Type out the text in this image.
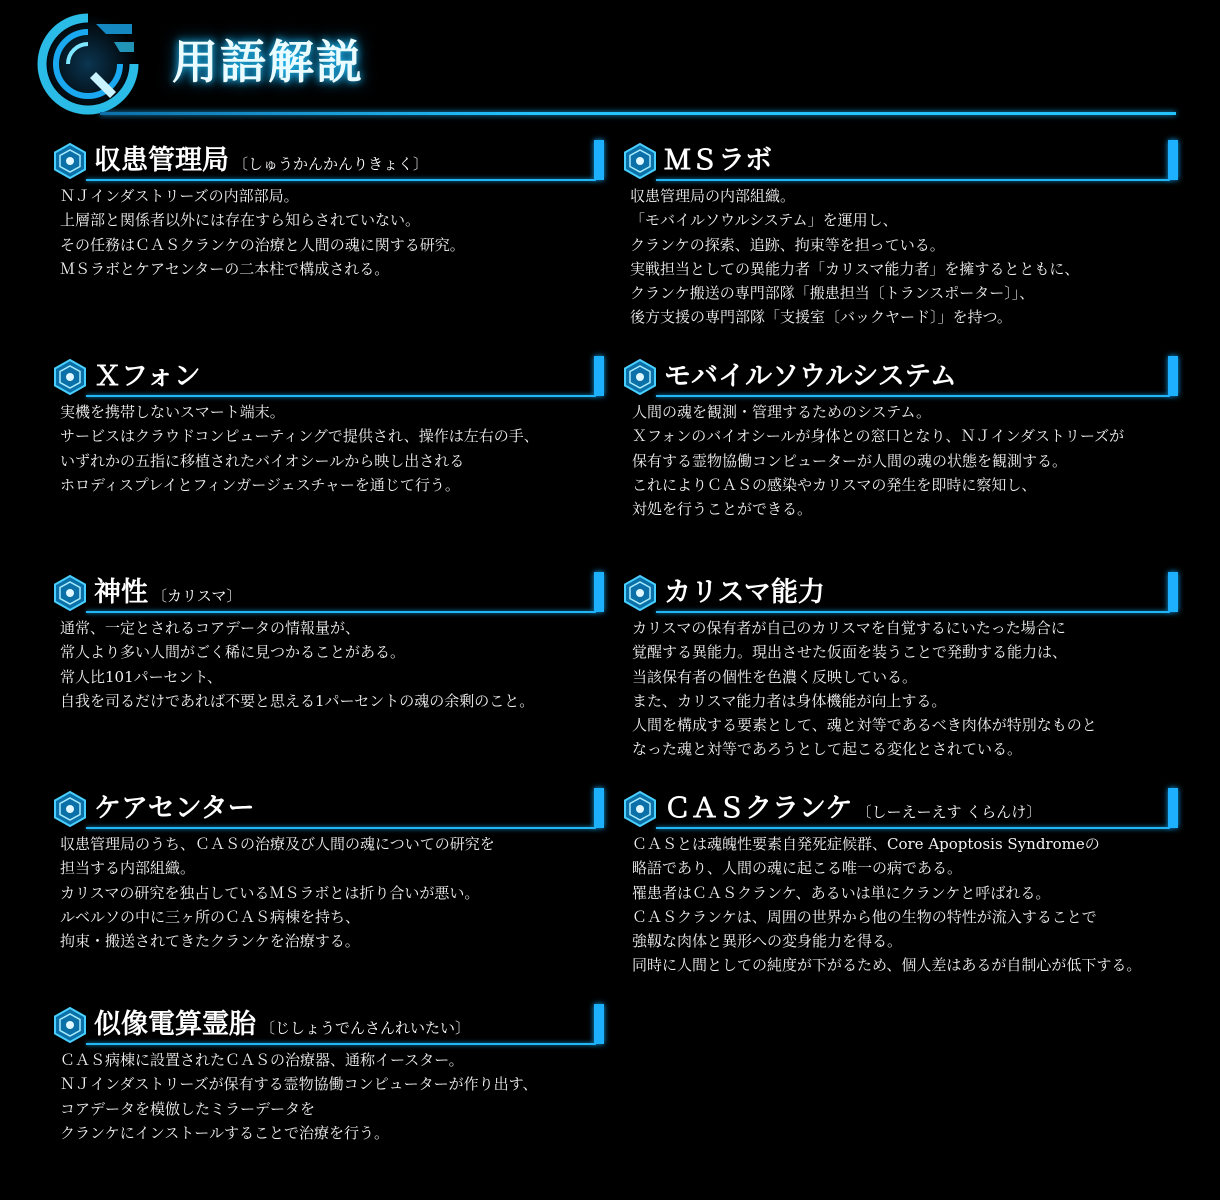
用語解説
収患管理局 〔しゅうかんかんりきょく〕
ＮＪインダストリーズの内部部局。
上層部と関係者以外には存在すら知らされていない。
その任務はＣＡＳクランケの治療と人間の魂に関する研究。
ＭＳラボとケアセンターの二本柱で構成される。
ＭＳラボ
収患管理局の内部組織。
「モバイルソウルシステム」を運用し、
クランケの探索、追跡、拘束等を担っている。
実戦担当としての異能力者「カリスマ能力者」を擁するとともに、
クランケ搬送の専門部隊「搬患担当〔トランスポーター〕」、
後方支援の専門部隊「支援室〔バックヤード〕」を持つ。
Ｘフォン
実機を携帯しないスマート端末。
サービスはクラウドコンピューティングで提供され、操作は左右の手、
いずれかの五指に移植されたバイオシールから映し出される
ホロディスプレイとフィンガージェスチャーを通じて行う。
モバイルソウルシステム
人間の魂を観測・管理するためのシステム。
Ｘフォンのバイオシールが身体との窓口となり、ＮＪインダストリーズが
保有する霊物協働コンピューターが人間の魂の状態を観測する。
これによりＣＡＳの感染やカリスマの発生を即時に察知し、
対処を行うことができる。
神性 〔カリスマ〕
通常、一定とされるコアデータの情報量が、
常人より多い人間がごく稀に見つかることがある。
常人比101パーセント、
自我を司るだけであれば不要と思える1パーセントの魂の余剰のこと。
カリスマ能力
カリスマの保有者が自己のカリスマを自覚するにいたった場合に
覚醒する異能力。現出させた仮面を装うことで発動する能力は、
当該保有者の個性を色濃く反映している。
また、カリスマ能力者は身体機能が向上する。
人間を構成する要素として、魂と対等であるべき肉体が特別なものと
なった魂と対等であろうとして起こる変化とされている。
ケアセンター
収患管理局のうち、ＣＡＳの治療及び人間の魂についての研究を
担当する内部組織。
カリスマの研究を独占しているＭＳラボとは折り合いが悪い。
ルベルソの中に三ヶ所のＣＡＳ病棟を持ち、
拘束・搬送されてきたクランケを治療する。
ＣＡＳクランケ 〔しーえーえす くらんけ〕
ＣＡＳとは魂魄性要素自発死症候群、Core Apoptosis Syndromeの
略語であり、人間の魂に起こる唯一の病である。
罹患者はＣＡＳクランケ、あるいは単にクランケと呼ばれる。
ＣＡＳクランケは、周囲の世界から他の生物の特性が流入することで
強靱な肉体と異形への変身能力を得る。
同時に人間としての純度が下がるため、個人差はあるが自制心が低下する。
似像電算霊胎 〔じしょうでんさんれいたい〕
ＣＡＳ病棟に設置されたＣＡＳの治療器、通称イースター。
ＮＪインダストリーズが保有する霊物協働コンピューターが作り出す、
コアデータを模倣したミラーデータを
クランケにインストールすることで治療を行う。
